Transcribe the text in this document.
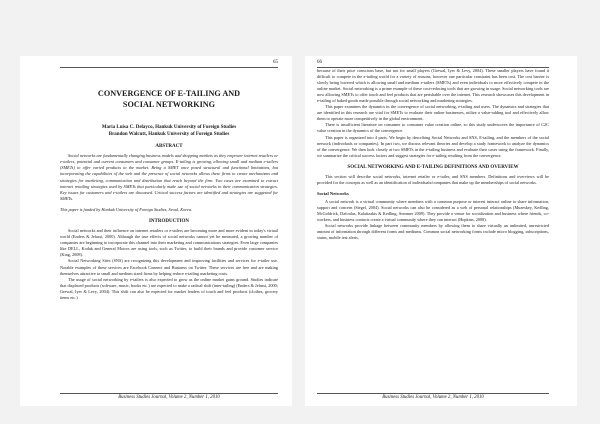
65
CONVERGENCE OF E-TAILING AND
SOCIAL NETWORKING
Maria Luisa C. Delayco, Hankuk University of Foreign Studies
Brandon Walcutt, Hankuk University of Foreign Studies
ABSTRACT

Social networks are fundamentally changing business models and shopping markets as they empower internet retailers or e-tailers, potential and current consumers and consumer groups. E-tailing is growing, allowing small and medium e-tailers (SMETs) to offer varied products to the market. Being a SMET once posed structural and functional limitations, but incorporating the capabilities of the web and the presence of social networks allows these firms to create mechanisms and strategies for marketing, communication and distribution that reach beyond the firm. Two cases are examined to extract internet retailing strategies used by SMETs that particularly make use of social networks in their communication strategies. Key issues for customers and e-tailers are discussed. Critical success factors are identified and strategies are suggested for SMETs.

This paper is funded by Hankuk University of Foreign Studies, Seoul, Korea.

INTRODUCTION

Social networks and their influence on internet retailers or e-tailers are becoming more and more evident in today's virtual world (Enders & Jelassi, 2000). Although the true effects of social networks cannot yet be measured, a growing number of companies are beginning to incorporate this channel into their marketing and communications strategies. Even large companies like DELL, Kodak and General Motors are using tools, such as Twitter, to build their brands and provide customer service (King, 2008).

Social Networking Sites (SNS) are recognizing this development and improving facilities and services for e-tailer use. Notable examples of these services are Facebook Connect and Business on Twitter. These services are free and are making themselves attractive to small and medium sized firms by helping reduce e-tailing marketing costs.

The usage of social networking by e-tailers is also expected to grow as the online market gains ground. Studies indicate that displaced products (software, music, books etc.) are expected to make a radical shift (inter-tailing) (Enders & Jelassi, 2000; Grewal, Iyer & Levy, 2004). This shift can also be expected for market leaders of touch and feel products (clothes, grocery items etc.)

Business Studies Journal, Volume 2, Number 1, 2010
66

because of their price conscious base, but not for small players (Grewal, Iyer & Levy, 2004). These smaller players have found it difficult to compete in the e-tailing world for a variety of reasons, however one particular constraint has been cost. The cost barrier is slowly being lowered which is allowing small and medium e-tailers (SMETs) and even individuals to more effectively compete in the online market. Social networking is a prime example of these cost-reducing tools that are growing in usage. Social networking tools are now allowing SMETs to offer touch and feel products that are perishable over the internet. This research showcases this development in e-tailing of baked goods made possible through social networking and marketing strategies.

This paper examines the dynamics in the convergence of social networking, e-tailing and users. The dynamics and strategies that are identified in this research are vital for SMETs to evaluate their online businesses, utilize a value-adding tool and effectively allow them to operate more competitively in the global environment.

There is insufficient literature on consumer to consumer value creation online, so this study underscores the importance of C2C value creation in the dynamics of the convergence.

This paper is organized into 4 parts. We begin by describing Social Networks and SNS, E-tailing, and the members of the social network (individuals or companies). In part two, we discuss relevant theories and develop a study framework to analyze the dynamics of the convergence. We then look closely at two SMETs in the e-tailing business and evaluate their cases using the framework. Finally, we summarize the critical success factors and suggest strategies for e-tailing resulting from the convergence.

SOCIAL NETWORKING AND E-TAILING DEFINITIONS AND OVERVIEW

This section will describe social networks, internet retailer or e-tailer, and SNS members. Definitions and overviews will be provided for the concepts as well as an identification of individuals/companies that make up the memberships of social networks.

Social Networks

A social network is a virtual community where members with a common purpose or interest interact online to share information, support and concern (Siegel, 2004). Social networks can also be considered as a web of personal relationships (Muzeskey, Kedling, McGoldrick, Dafoulas, Kalaitzakis & Kedling, Sommer 2009). They provide a venue for socialization and business where friends, co-workers, and business contacts create a virtual community where they can interact (Hopkins, 2008).

Social networks provide linkage between community members by allowing them to share virtually an unlimited, unrestricted amount of information through different forms and mediums. Common social networking forms include micro blogging, subscriptions, status, mobile test alerts,

Business Studies Journal, Volume 2, Number 1, 2010
